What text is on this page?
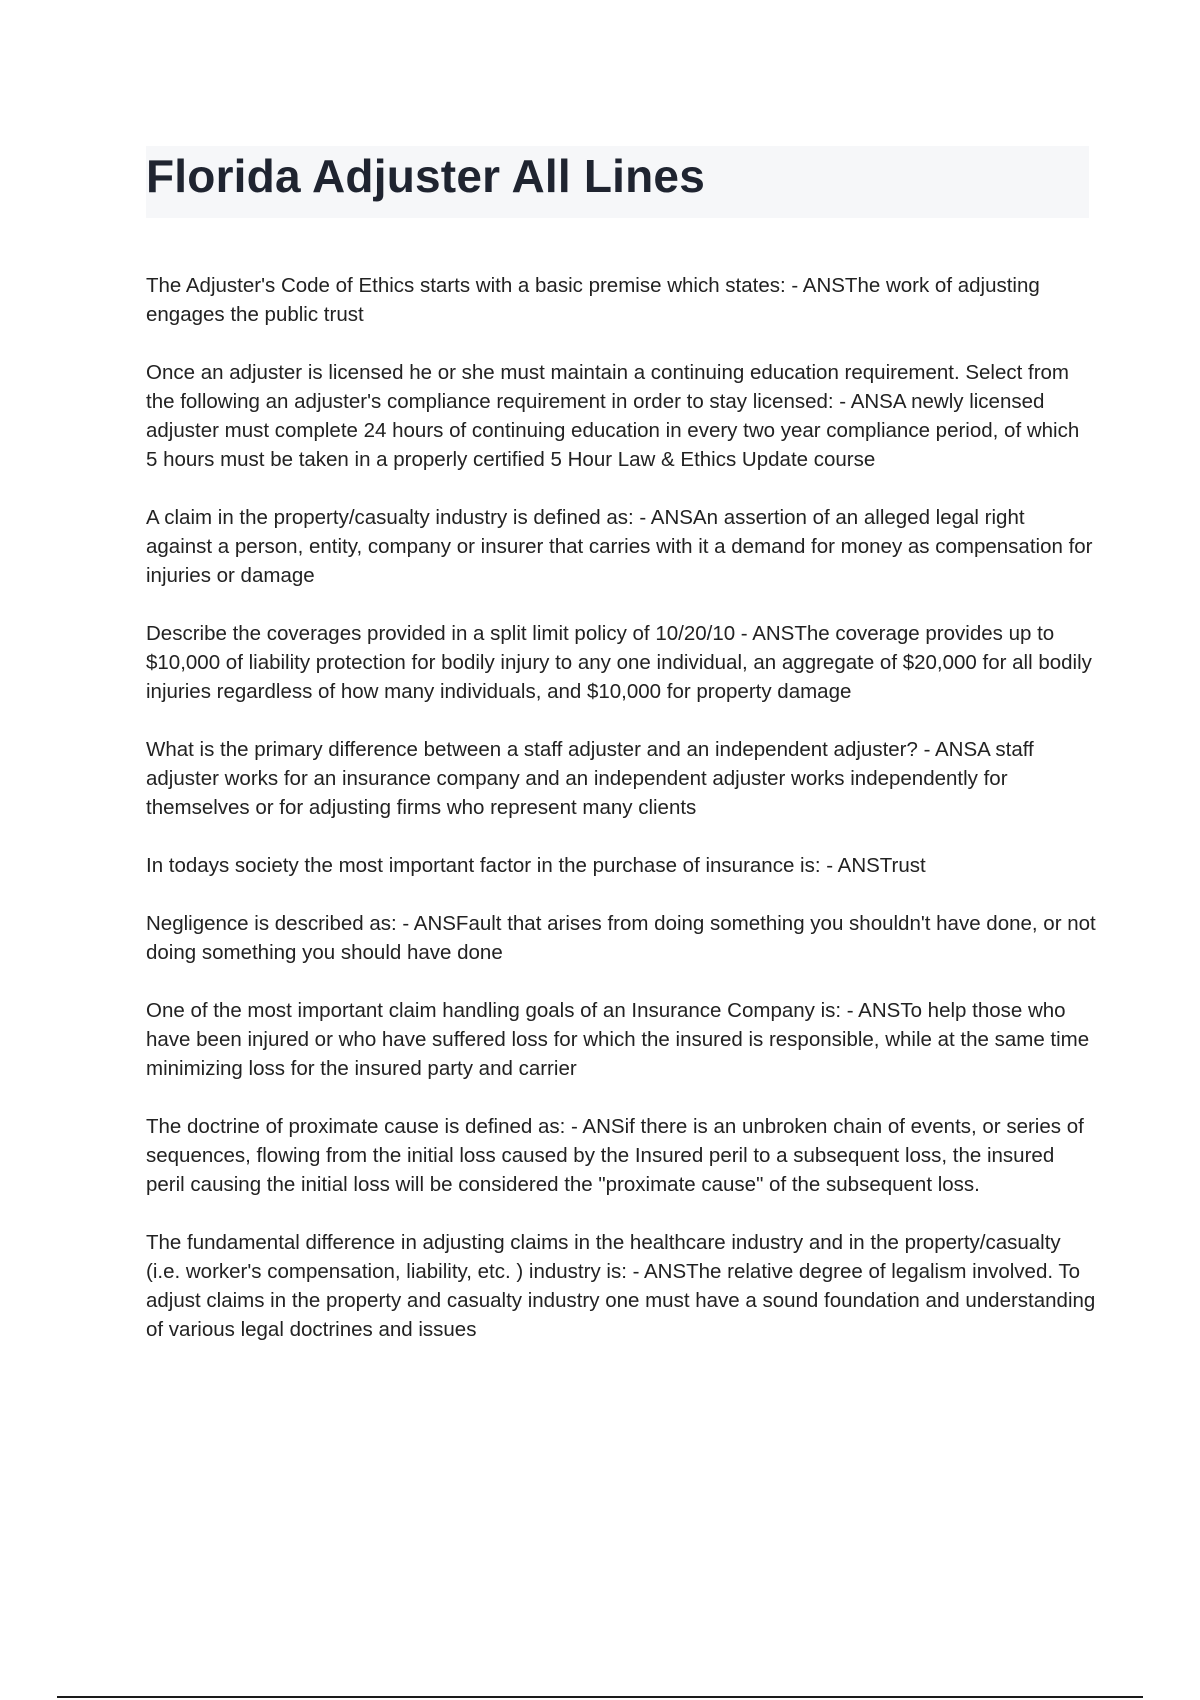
Florida Adjuster All Lines

The Adjuster's Code of Ethics starts with a basic premise which states: - ANSThe work of adjusting engages the public trust

Once an adjuster is licensed he or she must maintain a continuing education requirement. Select from the following an adjuster's compliance requirement in order to stay licensed: - ANSA newly licensed adjuster must complete 24 hours of continuing education in every two year compliance period, of which 5 hours must be taken in a properly certified 5 Hour Law & Ethics Update course

A claim in the property/casualty industry is defined as: - ANSAn assertion of an alleged legal right against a person, entity, company or insurer that carries with it a demand for money as compensation for injuries or damage

Describe the coverages provided in a split limit policy of 10/20/10 - ANSThe coverage provides up to $10,000 of liability protection for bodily injury to any one individual, an aggregate of $20,000 for all bodily injuries regardless of how many individuals, and $10,000 for property damage

What is the primary difference between a staff adjuster and an independent adjuster? - ANSA staff adjuster works for an insurance company and an independent adjuster works independently for themselves or for adjusting firms who represent many clients

In todays society the most important factor in the purchase of insurance is: - ANSTrust

Negligence is described as: - ANSFault that arises from doing something you shouldn't have done, or not doing something you should have done

One of the most important claim handling goals of an Insurance Company is: - ANSTo help those who have been injured or who have suffered loss for which the insured is responsible, while at the same time minimizing loss for the insured party and carrier

The doctrine of proximate cause is defined as: - ANSif there is an unbroken chain of events, or series of sequences, flowing from the initial loss caused by the Insured peril to a subsequent loss, the insured peril causing the initial loss will be considered the "proximate cause" of the subsequent loss.

The fundamental difference in adjusting claims in the healthcare industry and in the property/casualty (i.e. worker's compensation, liability, etc. ) industry is: - ANSThe relative degree of legalism involved. To adjust claims in the property and casualty industry one must have a sound foundation and understanding of various legal doctrines and issues
